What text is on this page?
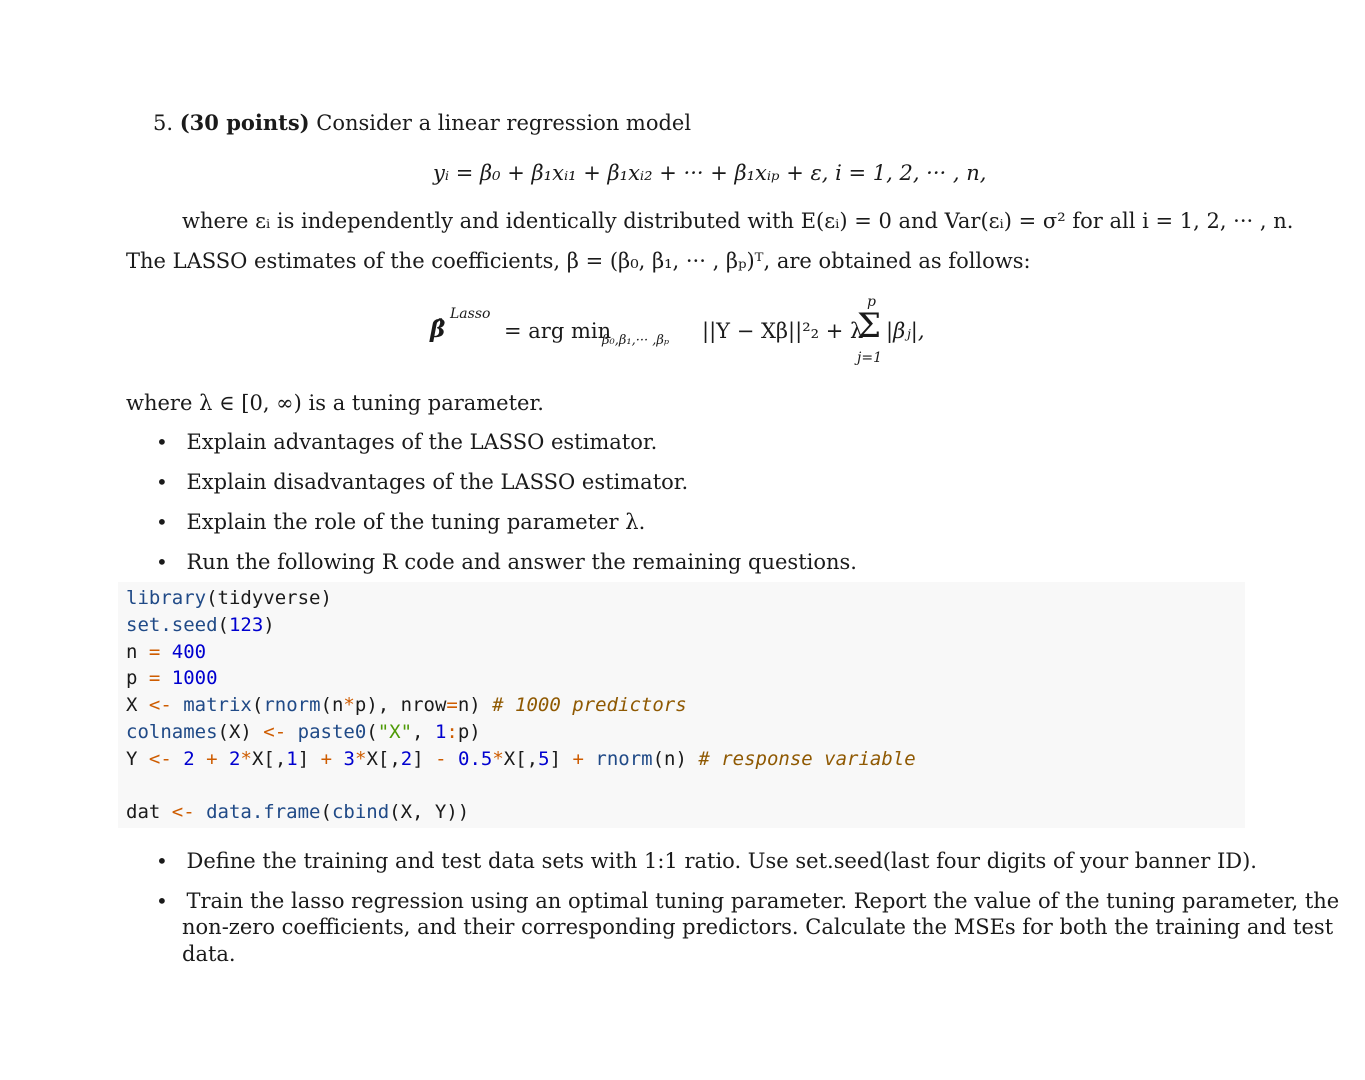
5. (30 points) Consider a linear regression model
yᵢ = β₀ + β₁xᵢ₁ + β₁xᵢ₂ + ··· + β₁xᵢₚ + ε, i = 1, 2, ··· , n,
where εᵢ is independently and identically distributed with E(εᵢ) = 0 and Var(εᵢ) = σ² for all i = 1, 2, ··· , n.
The LASSO estimates of the coefficients, β = (β₀, β₁, ··· , βₚ)ᵀ, are obtained as follows:
β̂
Lasso
= arg min
β₀,β₁,··· ,βₚ ||Y − Xβ||²₂ + λ
p
Σ
j=1
|βⱼ|,
where λ ∈ [0, ∞) is a tuning parameter.
• Explain advantages of the LASSO estimator.
• Explain disadvantages of the LASSO estimator.
• Explain the role of the tuning parameter λ.
• Run the following R code and answer the remaining questions.
library(tidyverse)
set.seed(123)
n = 400
p = 1000
X <- matrix(rnorm(n*p), nrow=n) # 1000 predictors
colnames(X) <- paste0("X", 1:p)
Y <- 2 + 2*X[,1] + 3*X[,2] - 0.5*X[,5] + rnorm(n) # response variable

dat <- data.frame(cbind(X, Y))
• Define the training and test data sets with 1:1 ratio. Use set.seed(last four digits of your banner ID).
• Train the lasso regression using an optimal tuning parameter. Report the value of the tuning parameter, the
non-zero coefficients, and their corresponding predictors. Calculate the MSEs for both the training and test
data.
